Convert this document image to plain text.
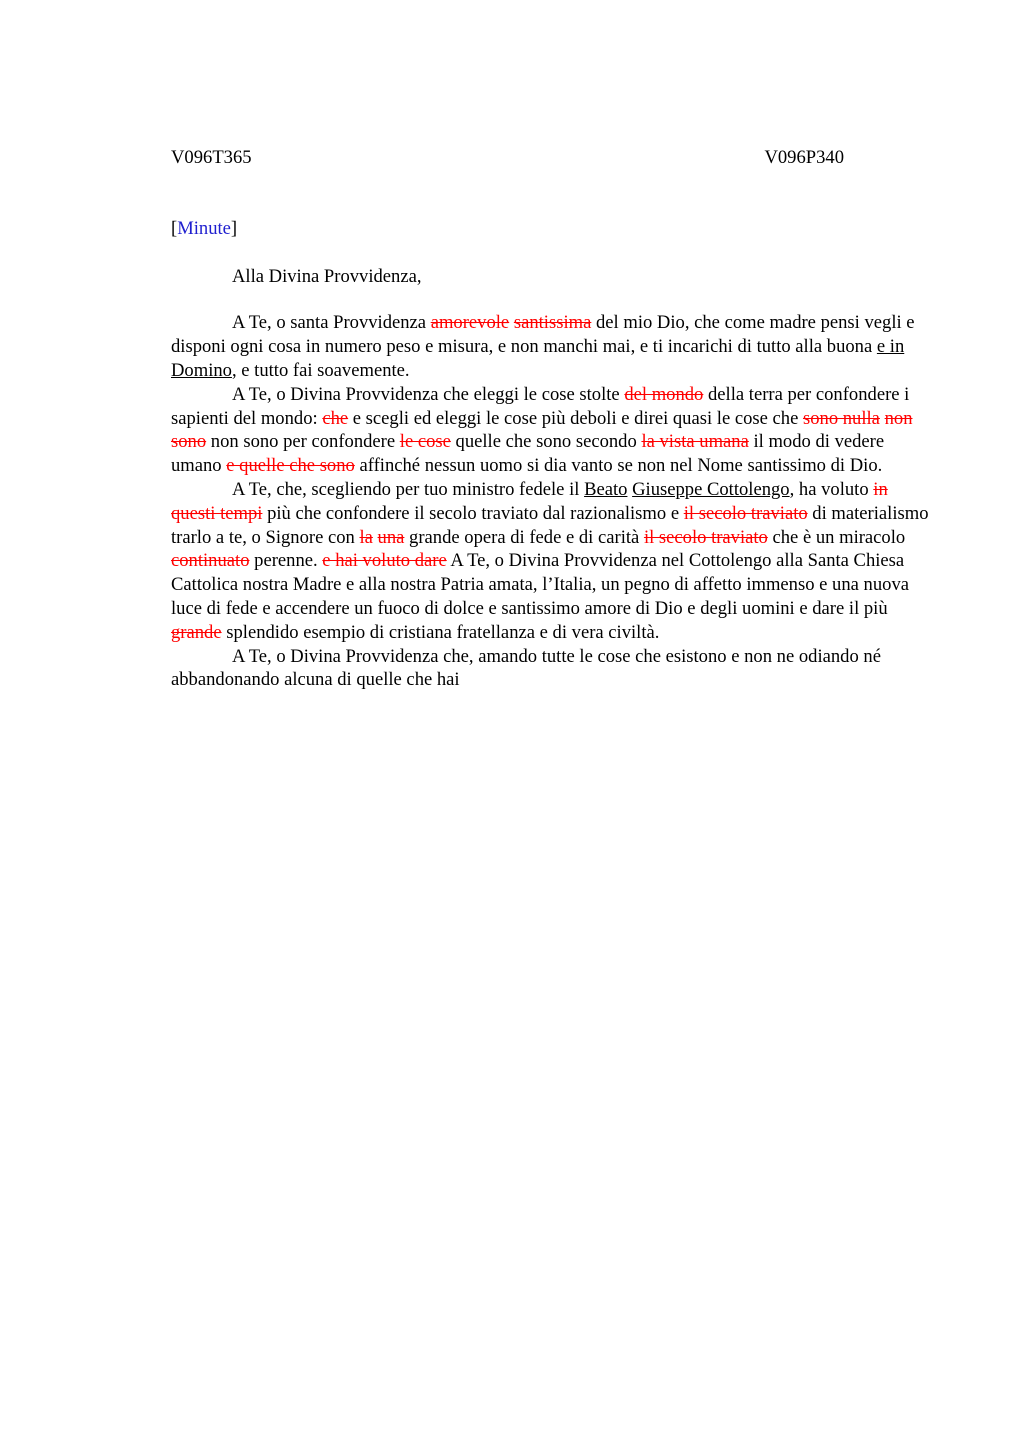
V096T365	V096P340
[Minute]
Alla Divina Provvidenza,

A Te, o santa Provvidenza amorevole santissima del mio Dio, che come madre pensi vegli e disponi ogni cosa in numero peso e misura, e non manchi mai, e ti incarichi di tutto alla buona e in Domino, e tutto fai soavemente.

A Te, o Divina Provvidenza che eleggi le cose stolte del mondo della terra per confondere i sapienti del mondo: che e scegli ed eleggi le cose più deboli e direi quasi le cose che sono nulla non sono non sono per confondere le cose quelle che sono secondo la vista umana il modo di vedere umano e quelle che sono affinché nessun uomo si dia vanto se non nel Nome santissimo di Dio.

A Te, che, scegliendo per tuo ministro fedele il Beato Giuseppe Cottolengo, ha voluto in questi tempi più che confondere il secolo traviato dal razionalismo e il secolo traviato di materialismo trarlo a te, o Signore con la una grande opera di fede e di carità il secolo traviato che è un miracolo continuato perenne. e hai voluto dare A Te, o Divina Provvidenza nel Cottolengo alla Santa Chiesa Cattolica nostra Madre e alla nostra Patria amata, l’Italia, un pegno di affetto immenso e una nuova luce di fede e accendere un fuoco di dolce e santissimo amore di Dio e degli uomini e dare il più grande splendido esempio di cristiana fratellanza e di vera civiltà.

A Te, o Divina Provvidenza che, amando tutte le cose che esistono e non ne odiando né abbandonando alcuna di quelle che hai
